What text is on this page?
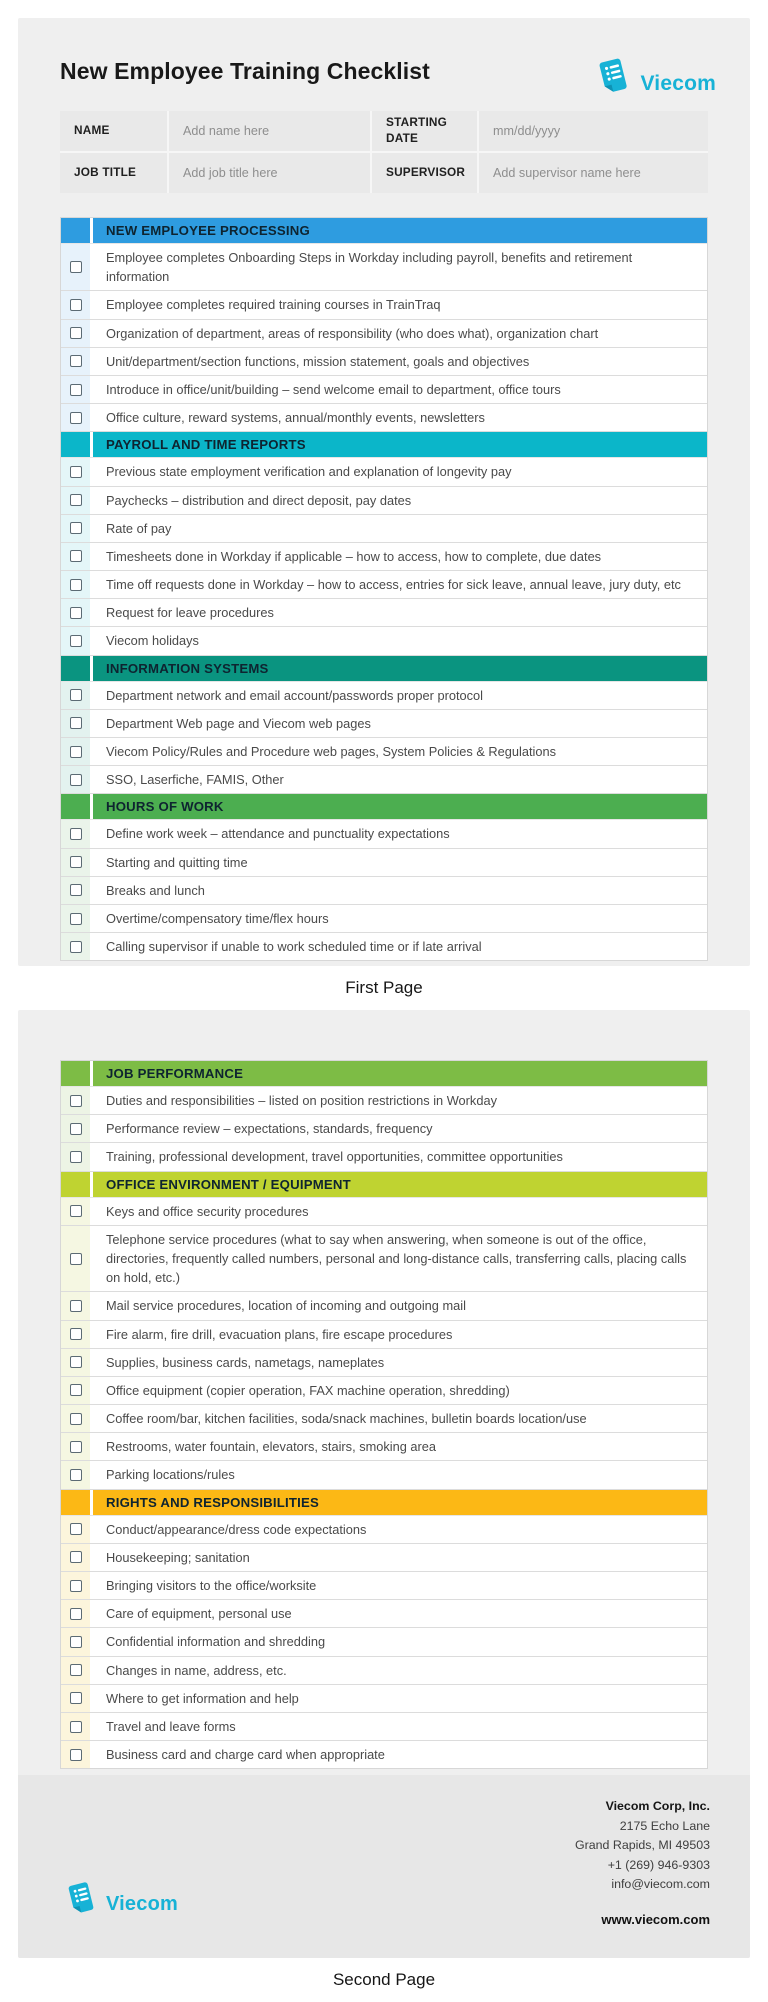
New Employee Training Checklist	Viecom
NAME	Add name here	STARTING DATE	mm/dd/yyyy
JOB TITLE	Add job title here	SUPERVISOR	Add supervisor name here
NEW EMPLOYEE PROCESSING
Employee completes Onboarding Steps in Workday including payroll, benefits and retirement information
Employee completes required training courses in TrainTraq
Organization of department, areas of responsibility (who does what), organization chart
Unit/department/section functions, mission statement, goals and objectives
Introduce in office/unit/building – send welcome email to department, office tours
Office culture, reward systems, annual/monthly events, newsletters
PAYROLL AND TIME REPORTS
Previous state employment verification and explanation of longevity pay
Paychecks – distribution and direct deposit, pay dates
Rate of pay
Timesheets done in Workday if applicable – how to access, how to complete, due dates
Time off requests done in Workday – how to access, entries for sick leave, annual leave, jury duty, etc
Request for leave procedures
Viecom holidays
INFORMATION SYSTEMS
Department network and email account/passwords proper protocol
Department Web page and Viecom web pages
Viecom Policy/Rules and Procedure web pages, System Policies & Regulations
SSO, Laserfiche, FAMIS, Other
HOURS OF WORK
Define work week – attendance and punctuality expectations
Starting and quitting time
Breaks and lunch
Overtime/compensatory time/flex hours
Calling supervisor if unable to work scheduled time or if late arrival
First Page
JOB PERFORMANCE
Duties and responsibilities – listed on position restrictions in Workday
Performance review – expectations, standards, frequency
Training, professional development, travel opportunities, committee opportunities
OFFICE ENVIRONMENT / EQUIPMENT
Keys and office security procedures
Telephone service procedures (what to say when answering, when someone is out of the office, directories, frequently called numbers, personal and long-distance calls, transferring calls, placing calls on hold, etc.)
Mail service procedures, location of incoming and outgoing mail
Fire alarm, fire drill, evacuation plans, fire escape procedures
Supplies, business cards, nametags, nameplates
Office equipment (copier operation, FAX machine operation, shredding)
Coffee room/bar, kitchen facilities, soda/snack machines, bulletin boards location/use
Restrooms, water fountain, elevators, stairs, smoking area
Parking locations/rules
RIGHTS AND RESPONSIBILITIES
Conduct/appearance/dress code expectations
Housekeeping; sanitation
Bringing visitors to the office/worksite
Care of equipment, personal use
Confidential information and shredding
Changes in name, address, etc.
Where to get information and help
Travel and leave forms
Business card and charge card when appropriate
Viecom Corp, Inc.
2175 Echo Lane
Grand Rapids, MI 49503
+1 (269) 946-9303
info@viecom.com
www.viecom.com
Viecom
Second Page
